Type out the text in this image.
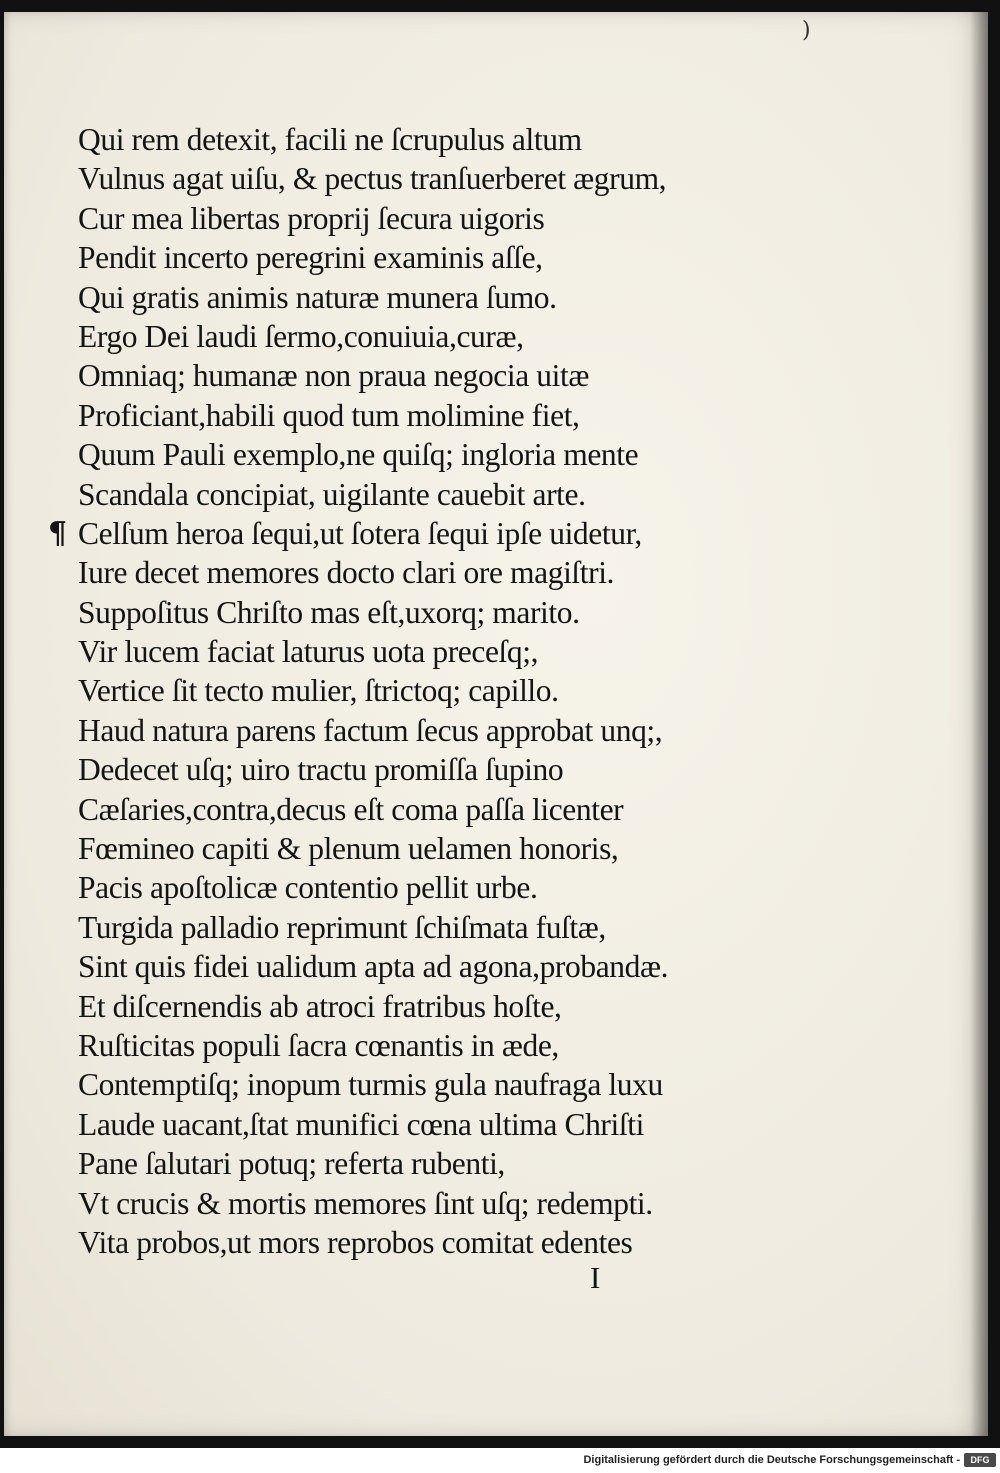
)
Qui rem detexit, facili ne ſcrupulus altum
Vulnus agat uiſu, & pectus tranſuerberet ægrum,
Cur mea libertas proprij ſecura uigoris
Pendit incerto peregrini examinis aſſe,
Qui gratis animis naturæ munera ſumo.
Ergo Dei laudi ſermo,conuiuia,curæ,
Omniaq; humanæ non praua negocia uitæ
Proficiant,habili quod tum molimine fiet,
Quum Pauli exemplo,ne quiſq; ingloria mente
Scandala concipiat, uigilante cauebit arte.
¶ Celſum heroa ſequi,ut ſotera ſequi ipſe uidetur,
Iure decet memores docto clari ore magiſtri.
Suppoſitus Chriſto mas eſt,uxorq; marito.
Vir lucem faciat laturus uota preceſq;,
Vertice ſit tecto mulier, ſtrictoq; capillo.
Haud natura parens factum ſecus approbat unq;,
Dedecet uſq; uiro tractu promiſſa ſupino
Cæſaries,contra,decus eſt coma paſſa licenter
Fœmineo capiti & plenum uelamen honoris,
Pacis apoſtolicæ contentio pellit urbe.
Turgida palladio reprimunt ſchiſmata fuſtæ,
Sint quis fidei ualidum apta ad agona,probandæ.
Et diſcernendis ab atroci fratribus hoſte,
Ruſticitas populi ſacra cœnantis in æde,
Contemptiſq; inopum turmis gula naufraga luxu
Laude uacant,ſtat munifici cœna ultima Chriſti
Pane ſalutari potuq; referta rubenti,
Vt crucis & mortis memores ſint uſq; redempti.
Vita probos,ut mors reprobos comitat edentes
I
Digitalisierung gefördert durch die Deutsche Forschungsgemeinschaft -	DFG
